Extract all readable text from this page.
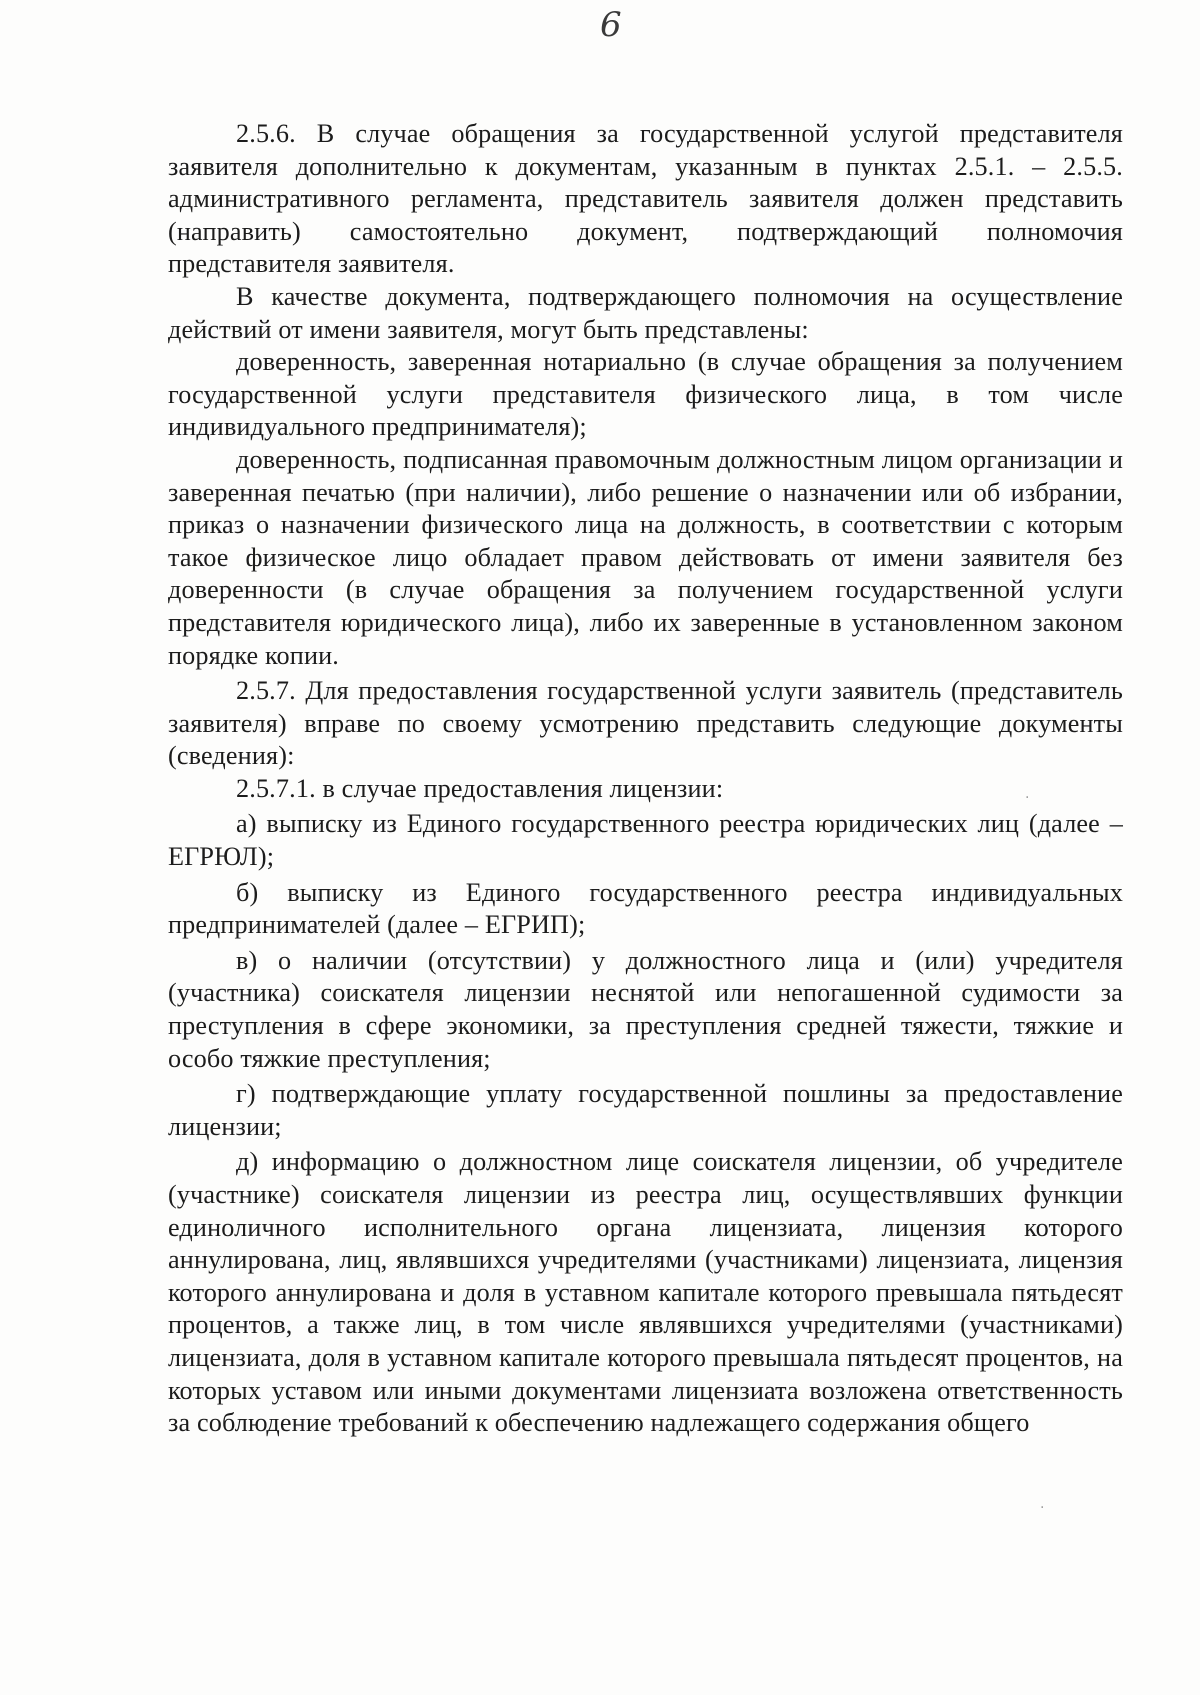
6

2.5.6. В случае обращения за государственной услугой представителя заявителя дополнительно к документам, указанным в пунктах 2.5.1. – 2.5.5. административного регламента, представитель заявителя должен представить (направить) самостоятельно документ, подтверждающий полномочия представителя заявителя.

В качестве документа, подтверждающего полномочия на осуществление действий от имени заявителя, могут быть представлены:

доверенность, заверенная нотариально (в случае обращения за получением государственной услуги представителя физического лица, в том числе индивидуального предпринимателя);

доверенность, подписанная правомочным должностным лицом организации и заверенная печатью (при наличии), либо решение о назначении или об избрании, приказ о назначении физического лица на должность, в соответствии с которым такое физическое лицо обладает правом действовать от имени заявителя без доверенности (в случае обращения за получением государственной услуги представителя юридического лица), либо их заверенные в установленном законом порядке копии.

2.5.7. Для предоставления государственной услуги заявитель (представитель заявителя) вправе по своему усмотрению представить следующие документы (сведения):

2.5.7.1. в случае предоставления лицензии:

а) выписку из Единого государственного реестра юридических лиц (далее – ЕГРЮЛ);

б) выписку из Единого государственного реестра индивидуальных предпринимателей (далее – ЕГРИП);

в) о наличии (отсутствии) у должностного лица и (или) учредителя (участника) соискателя лицензии неснятой или непогашенной судимости за преступления в сфере экономики, за преступления средней тяжести, тяжкие и особо тяжкие преступления;

г) подтверждающие уплату государственной пошлины за предоставление лицензии;

д) информацию о должностном лице соискателя лицензии, об учредителе (участнике) соискателя лицензии из реестра лиц, осуществлявших функции единоличного исполнительного органа лицензиата, лицензия которого аннулирована, лиц, являвшихся учредителями (участниками) лицензиата, лицензия которого аннулирована и доля в уставном капитале которого превышала пятьдесят процентов, а также лиц, в том числе являвшихся учредителями (участниками) лицензиата, доля в уставном капитале которого превышала пятьдесят процентов, на которых уставом или иными документами лицензиата возложена ответственность за соблюдение требований к обеспечению надлежащего содержания общего

·
·
